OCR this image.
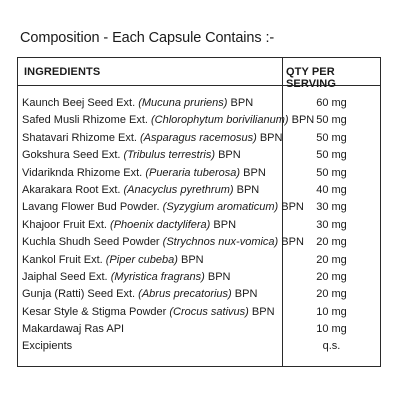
Composition - Each Capsule Contains :-
INGREDIENTS	QTY PER SERVING
Kaunch Beej Seed Ext. (Mucuna pruriens) BPN	60 mg
Safed Musli Rhizome Ext. (Chlorophytum borivilianum) BPN 50 mg
Shatavari Rhizome Ext. (Asparagus racemosus) BPN	50 mg
Gokshura Seed Ext. (Tribulus terrestris) BPN	50 mg
Vidariknda Rhizome Ext. (Pueraria tuberosa) BPN	50 mg
Akarakara Root Ext. (Anacyclus pyrethrum) BPN	40 mg
Lavang Flower Bud Powder. (Syzygium aromaticum) BPN	30 mg
Khajoor Fruit Ext. (Phoenix dactylifera) BPN	30 mg
Kuchla Shudh Seed Powder (Strychnos nux-vomica) BPN	20 mg
Kankol Fruit Ext. (Piper cubeba) BPN	20 mg
Jaiphal Seed Ext. (Myristica fragrans) BPN	20 mg
Gunja (Ratti) Seed Ext. (Abrus precatorius) BPN	20 mg
Kesar Style & Stigma Powder (Crocus sativus) BPN	10 mg
Makardawaj Ras API	10 mg
Excipients	q.s.
